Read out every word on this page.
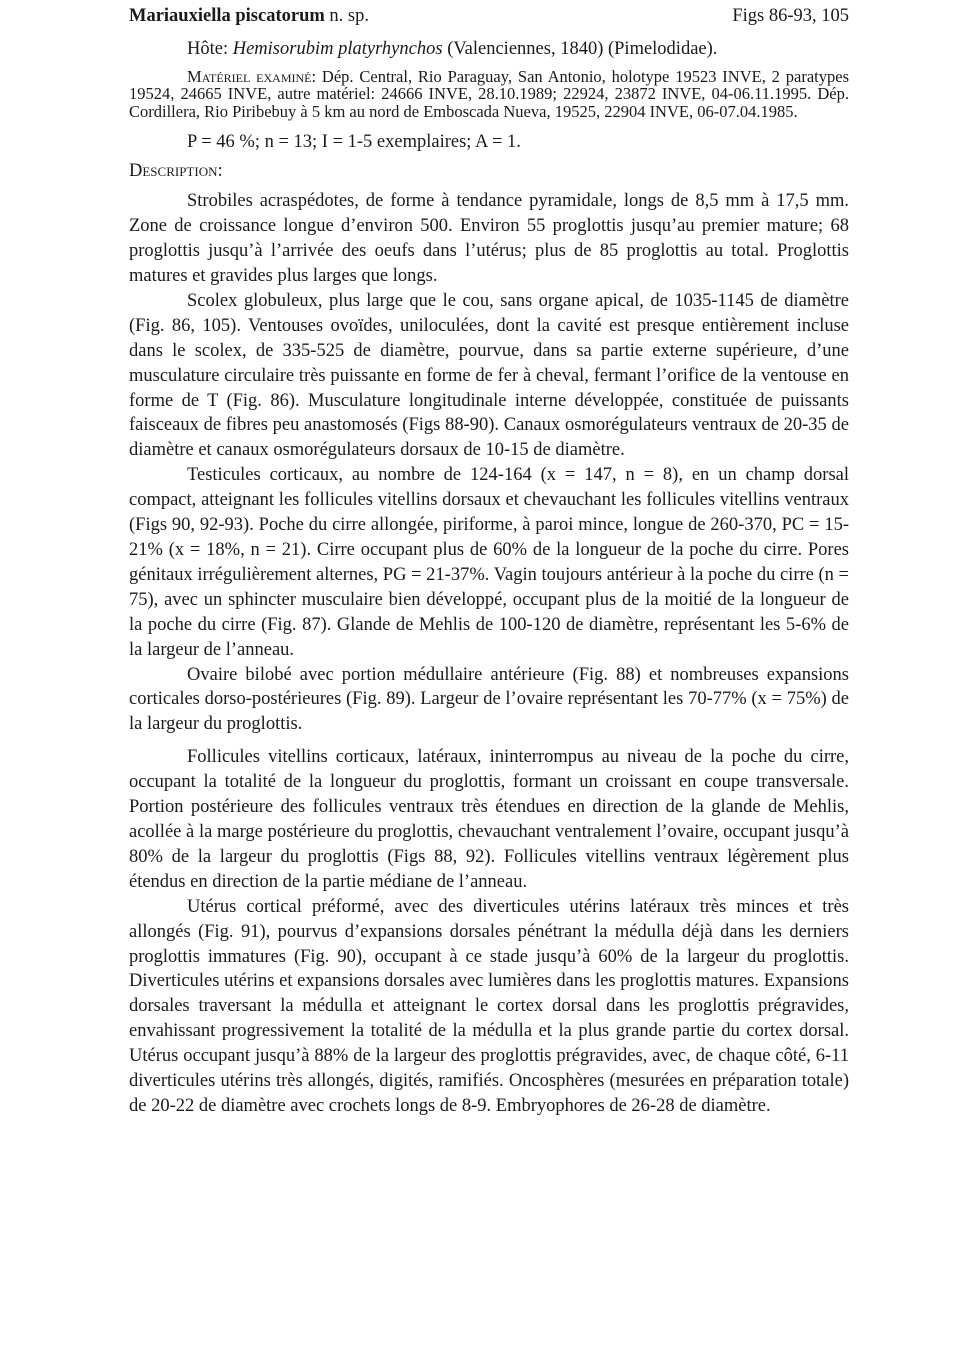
Mariauxiella piscatorum n. sp.	Figs 86-93, 105

Hôte: Hemisorubim platyrhynchos (Valenciennes, 1840) (Pimelodidae).

Matériel examiné: Dép. Central, Rio Paraguay, San Antonio, holotype 19523 INVE, 2 paratypes 19524, 24665 INVE, autre matériel: 24666 INVE, 28.10.1989; 22924, 23872 INVE, 04-06.11.1995. Dép. Cordillera, Rio Piribebuy à 5 km au nord de Emboscada Nueva, 19525, 22904 INVE, 06-07.04.1985.

P = 46 %; n = 13; I = 1-5 exemplaires; A = 1.

Description:

Strobiles acraspédotes, de forme à tendance pyramidale, longs de 8,5 mm à 17,5 mm. Zone de croissance longue d’environ 500. Environ 55 proglottis jusqu’au premier mature; 68 proglottis jusqu’à l’arrivée des oeufs dans l’utérus; plus de 85 proglottis au total. Proglottis matures et gravides plus larges que longs.

Scolex globuleux, plus large que le cou, sans organe apical, de 1035-1145 de diamètre (Fig. 86, 105). Ventouses ovoïdes, uniloculées, dont la cavité est presque entièrement incluse dans le scolex, de 335-525 de diamètre, pourvue, dans sa partie externe supérieure, d’une musculature circulaire très puissante en forme de fer à cheval, fermant l’orifice de la ventouse en forme de T (Fig. 86). Musculature longitudinale interne développée, constituée de puissants faisceaux de fibres peu anastomosés (Figs 88-90). Canaux osmorégulateurs ventraux de 20-35 de diamètre et canaux osmorégulateurs dorsaux de 10-15 de diamètre.

Testicules corticaux, au nombre de 124-164 (x = 147, n = 8), en un champ dorsal compact, atteignant les follicules vitellins dorsaux et chevauchant les follicules vitellins ventraux (Figs 90, 92-93). Poche du cirre allongée, piriforme, à paroi mince, longue de 260-370, PC = 15-21% (x = 18%, n = 21). Cirre occupant plus de 60% de la longueur de la poche du cirre. Pores génitaux irrégulièrement alternes, PG = 21-37%. Vagin toujours antérieur à la poche du cirre (n = 75), avec un sphincter musculaire bien développé, occupant plus de la moitié de la longueur de la poche du cirre (Fig. 87). Glande de Mehlis de 100-120 de diamètre, représentant les 5-6% de la largeur de l’anneau.

Ovaire bilobé avec portion médullaire antérieure (Fig. 88) et nombreuses expansions corticales dorso-postérieures (Fig. 89). Largeur de l’ovaire représentant les 70-77% (x = 75%) de la largeur du proglottis.

Follicules vitellins corticaux, latéraux, ininterrompus au niveau de la poche du cirre, occupant la totalité de la longueur du proglottis, formant un croissant en coupe transversale. Portion postérieure des follicules ventraux très étendues en direction de la glande de Mehlis, acollée à la marge postérieure du proglottis, chevauchant ventralement l’ovaire, occupant jusqu’à 80% de la largeur du proglottis (Figs 88, 92). Follicules vitellins ventraux légèrement plus étendus en direction de la partie médiane de l’anneau.

Utérus cortical préformé, avec des diverticules utérins latéraux très minces et très allongés (Fig. 91), pourvus d’expansions dorsales pénétrant la médulla déjà dans les derniers proglottis immatures (Fig. 90), occupant à ce stade jusqu’à 60% de la largeur du proglottis. Diverticules utérins et expansions dorsales avec lumières dans les proglottis matures. Expansions dorsales traversant la médulla et atteignant le cortex dorsal dans les proglottis prégravides, envahissant progressivement la totalité de la médulla et la plus grande partie du cortex dorsal. Utérus occupant jusqu’à 88% de la largeur des proglottis prégravides, avec, de chaque côté, 6-11 diverticules utérins très allongés, digités, ramifiés. Oncosphères (mesurées en préparation totale) de 20-22 de diamètre avec crochets longs de 8-9. Embryophores de 26-28 de diamètre.
